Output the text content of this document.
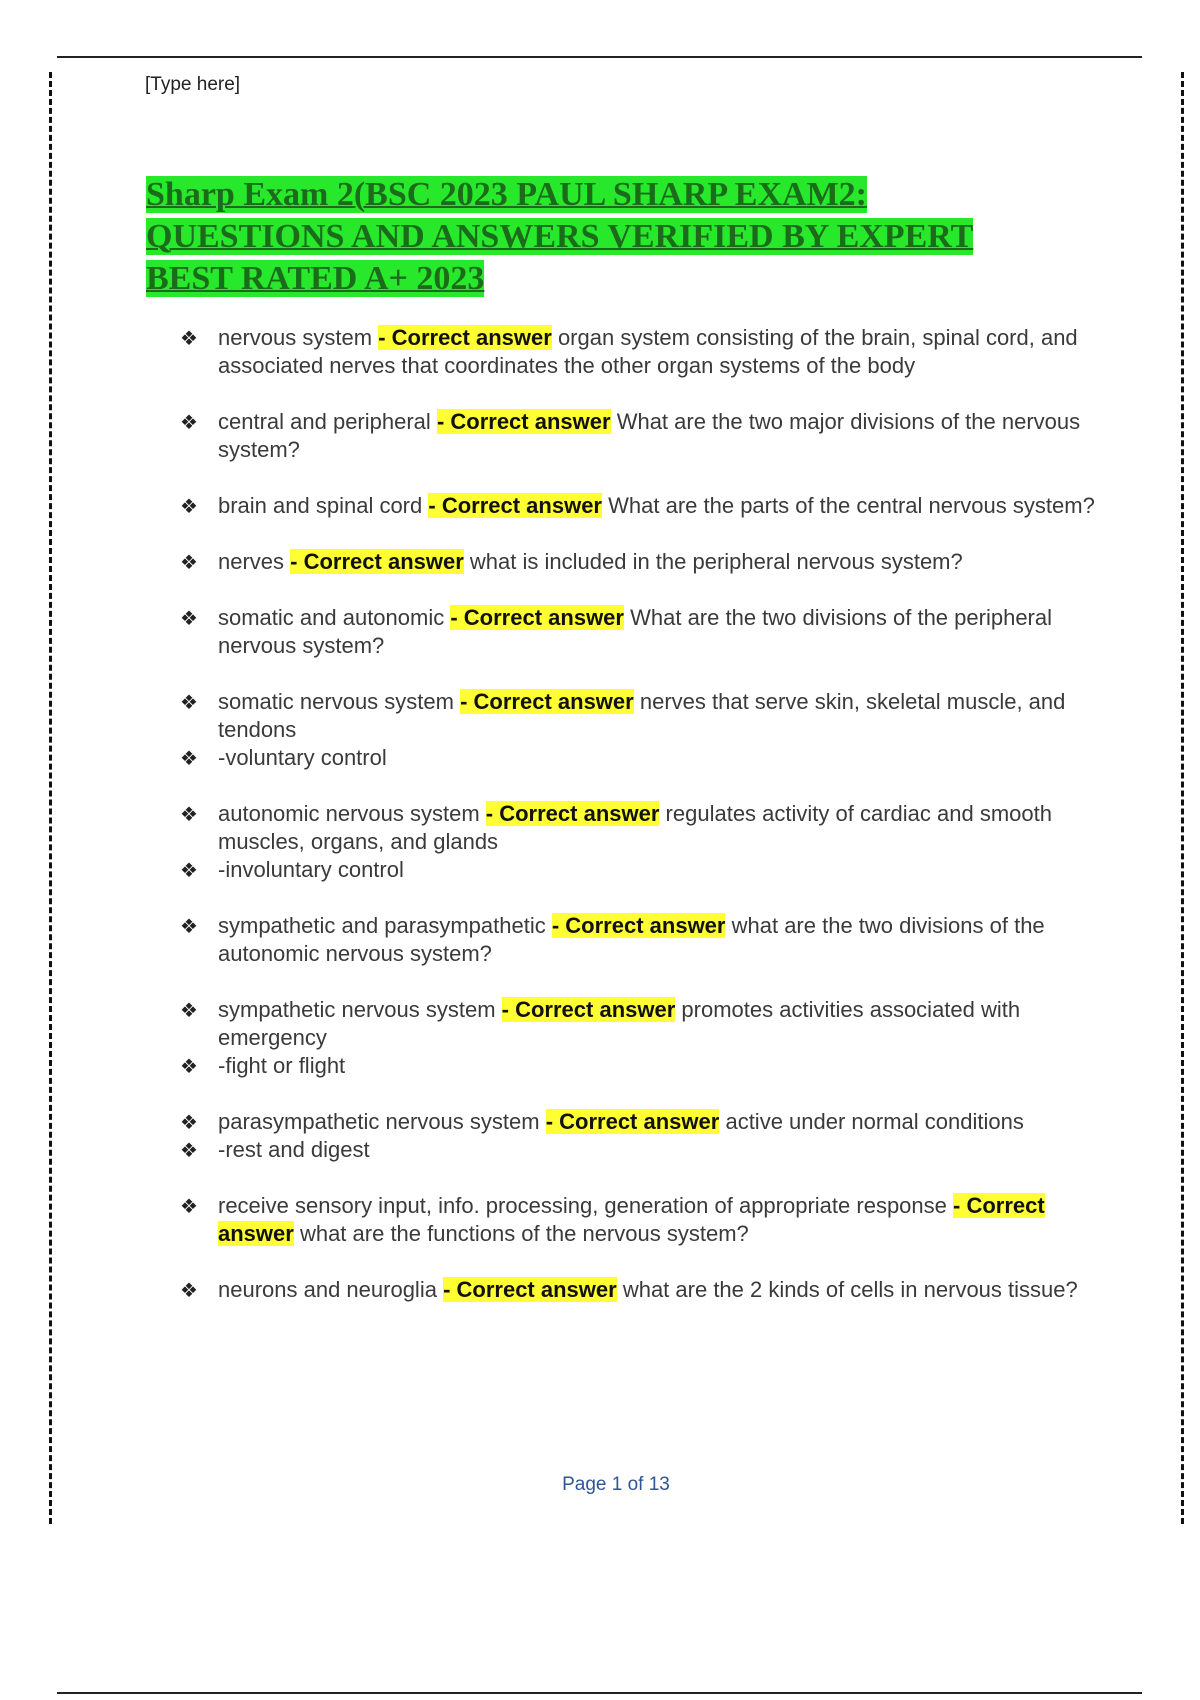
[Type here]
Sharp Exam 2(BSC 2023 PAUL SHARP EXAM2:
QUESTIONS AND ANSWERS VERIFIED BY EXPERT
BEST RATED A+ 2023
❖ nervous system - Correct answer organ system consisting of the brain, spinal cord, and associated nerves that coordinates the other organ systems of the body
❖ central and peripheral - Correct answer What are the two major divisions of the nervous system?
❖ brain and spinal cord - Correct answer What are the parts of the central nervous system?
❖ nerves - Correct answer what is included in the peripheral nervous system?
❖ somatic and autonomic - Correct answer What are the two divisions of the peripheral nervous system?
❖ somatic nervous system - Correct answer nerves that serve skin, skeletal muscle, and tendons
❖ -voluntary control
❖ autonomic nervous system - Correct answer regulates activity of cardiac and smooth muscles, organs, and glands
❖ -involuntary control
❖ sympathetic and parasympathetic - Correct answer what are the two divisions of the autonomic nervous system?
❖ sympathetic nervous system - Correct answer promotes activities associated with emergency
❖ -fight or flight
❖ parasympathetic nervous system - Correct answer active under normal conditions
❖ -rest and digest
❖ receive sensory input, info. processing, generation of appropriate response - Correct answer what are the functions of the nervous system?
❖ neurons and neuroglia - Correct answer what are the 2 kinds of cells in nervous tissue?
Page 1 of 13
